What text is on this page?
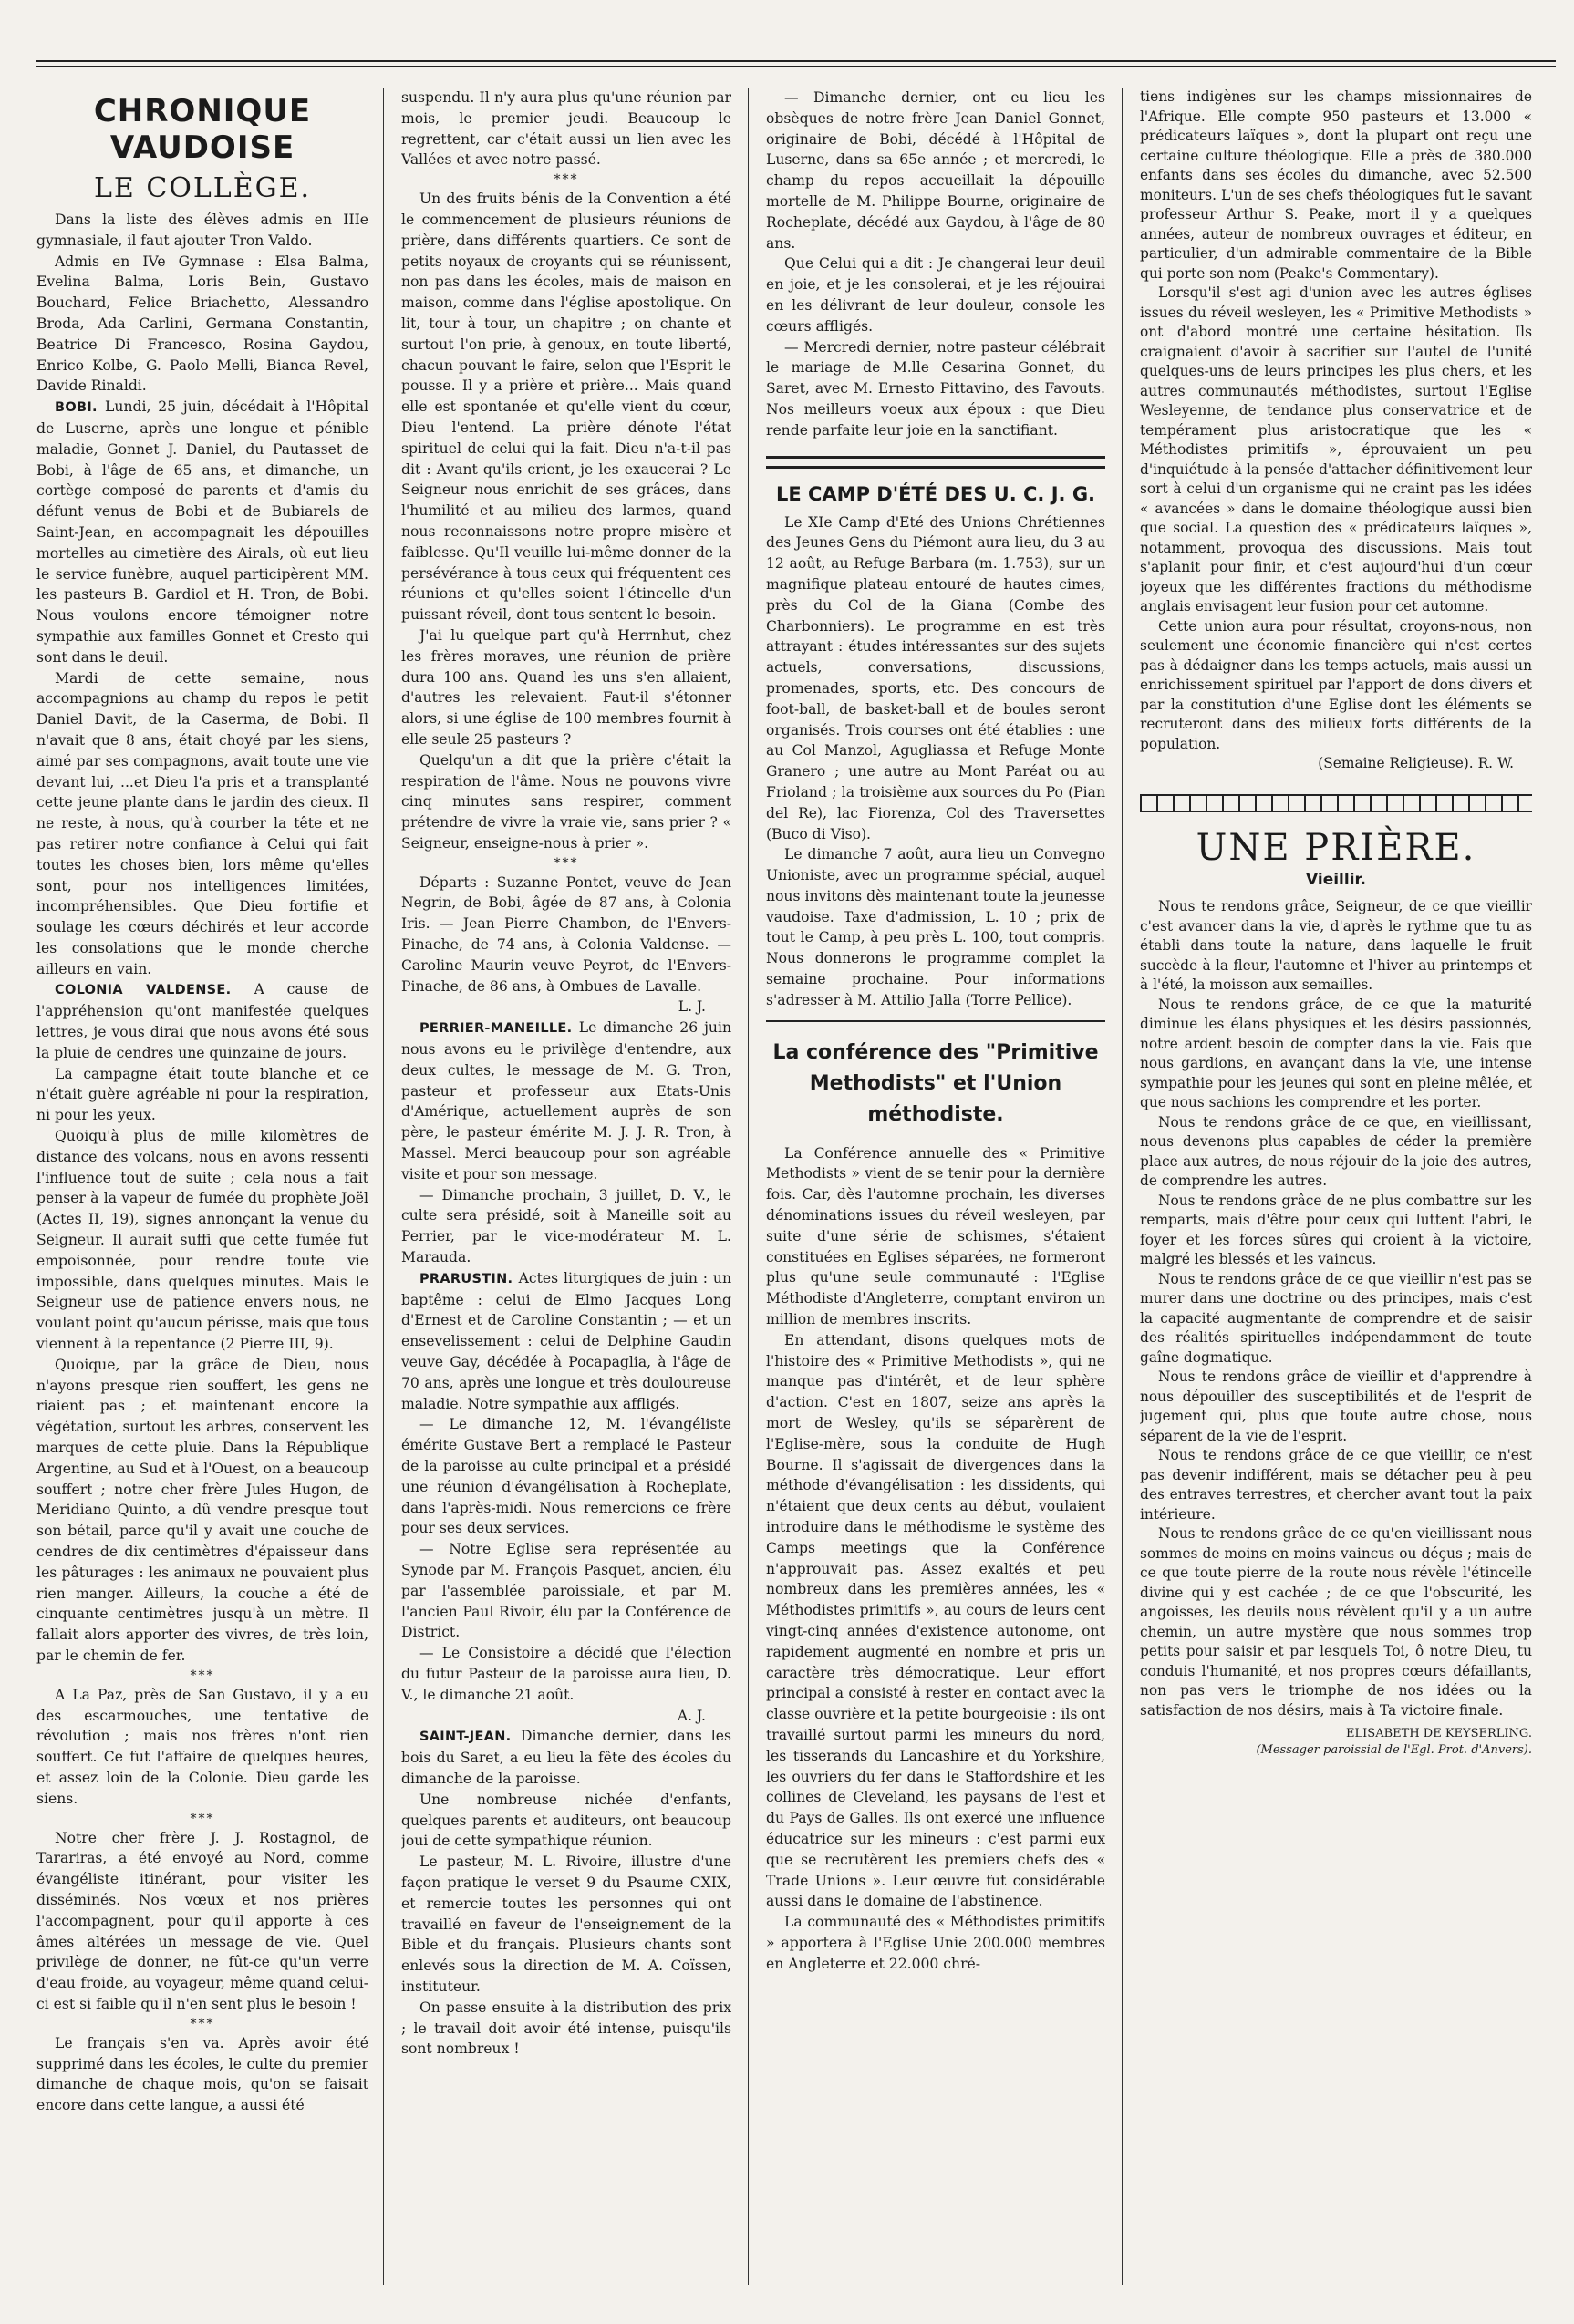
CHRONIQUE VAUDOISE
LE COLLÈGE.

Dans la liste des élèves admis en IIIe gymnasiale, il faut ajouter Tron Valdo.

Admis en IVe Gymnase : Elsa Balma, Evelina Balma, Loris Bein, Gustavo Bouchard, Felice Briachetto, Alessandro Broda, Ada Carlini, Germana Constantin, Beatrice Di Francesco, Rosina Gaydou, Enrico Kolbe, G. Paolo Melli, Bianca Revel, Davide Rinaldi.

BOBI. Lundi, 25 juin, décédait à l'Hôpital de Luserne, après une longue et pénible maladie, Gonnet J. Daniel, du Pautasset de Bobi, à l'âge de 65 ans, et dimanche, un cortège composé de parents et d'amis du défunt venus de Bobi et de Bubiarels de Saint-Jean, en accompagnait les dépouilles mortelles au cimetière des Airals, où eut lieu le service funèbre, auquel participèrent MM. les pasteurs B. Gardiol et H. Tron, de Bobi. Nous voulons encore témoigner notre sympathie aux familles Gonnet et Cresto qui sont dans le deuil.

Mardi de cette semaine, nous accompagnions au champ du repos le petit Daniel Davit, de la Caserma, de Bobi. Il n'avait que 8 ans, était choyé par les siens, aimé par ses compagnons, avait toute une vie devant lui, ...et Dieu l'a pris et a transplanté cette jeune plante dans le jardin des cieux. Il ne reste, à nous, qu'à courber la tête et ne pas retirer notre confiance à Celui qui fait toutes les choses bien, lors même qu'elles sont, pour nos intelligences limitées, incompréhensibles. Que Dieu fortifie et soulage les cœurs déchirés et leur accorde les consolations que le monde cherche ailleurs en vain.

COLONIA VALDENSE. A cause de l'appréhension qu'ont manifestée quelques lettres, je vous dirai que nous avons été sous la pluie de cendres une quinzaine de jours.

La campagne était toute blanche et ce n'était guère agréable ni pour la respiration, ni pour les yeux.

Quoiqu'à plus de mille kilomètres de distance des volcans, nous en avons ressenti l'influence tout de suite ; cela nous a fait penser à la vapeur de fumée du prophète Joël (Actes II, 19), signes annonçant la venue du Seigneur. Il aurait suffi que cette fumée fut empoisonnée, pour rendre toute vie impossible, dans quelques minutes. Mais le Seigneur use de patience envers nous, ne voulant point qu'aucun périsse, mais que tous viennent à la repentance (2 Pierre III, 9).

Quoique, par la grâce de Dieu, nous n'ayons presque rien souffert, les gens ne riaient pas ; et maintenant encore la végétation, surtout les arbres, conservent les marques de cette pluie. Dans la République Argentine, au Sud et à l'Ouest, on a beaucoup souffert ; notre cher frère Jules Hugon, de Meridiano Quinto, a dû vendre presque tout son bétail, parce qu'il y avait une couche de cendres de dix centimètres d'épaisseur dans les pâturages : les animaux ne pouvaient plus rien manger. Ailleurs, la couche a été de cinquante centimètres jusqu'à un mètre. Il fallait alors apporter des vivres, de très loin, par le chemin de fer.

***

A La Paz, près de San Gustavo, il y a eu des escarmouches, une tentative de révolution ; mais nos frères n'ont rien souffert. Ce fut l'affaire de quelques heures, et assez loin de la Colonie. Dieu garde les siens.

***

Notre cher frère J. J. Rostagnol, de Tarariras, a été envoyé au Nord, comme évangéliste itinérant, pour visiter les disséminés. Nos vœux et nos prières l'accompagnent, pour qu'il apporte à ces âmes altérées un message de vie. Quel privilège de donner, ne fût-ce qu'un verre d'eau froide, au voyageur, même quand celui-ci est si faible qu'il n'en sent plus le besoin !

***

Le français s'en va. Après avoir été supprimé dans les écoles, le culte du premier dimanche de chaque mois, qu'on se faisait encore dans cette langue, a aussi été

suspendu. Il n'y aura plus qu'une réunion par mois, le premier jeudi. Beaucoup le regrettent, car c'était aussi un lien avec les Vallées et avec notre passé.

***

Un des fruits bénis de la Convention a été le commencement de plusieurs réunions de prière, dans différents quartiers. Ce sont de petits noyaux de croyants qui se réunissent, non pas dans les écoles, mais de maison en maison, comme dans l'église apostolique. On lit, tour à tour, un chapitre ; on chante et surtout l'on prie, à genoux, en toute liberté, chacun pouvant le faire, selon que l'Esprit le pousse. Il y a prière et prière... Mais quand elle est spontanée et qu'elle vient du cœur, Dieu l'entend. La prière dénote l'état spirituel de celui qui la fait. Dieu n'a-t-il pas dit : Avant qu'ils crient, je les exaucerai ? Le Seigneur nous enrichit de ses grâces, dans l'humilité et au milieu des larmes, quand nous reconnaissons notre propre misère et faiblesse. Qu'Il veuille lui-même donner de la persévérance à tous ceux qui fréquentent ces réunions et qu'elles soient l'étincelle d'un puissant réveil, dont tous sentent le besoin.

J'ai lu quelque part qu'à Herrnhut, chez les frères moraves, une réunion de prière dura 100 ans. Quand les uns s'en allaient, d'autres les relevaient. Faut-il s'étonner alors, si une église de 100 membres fournit à elle seule 25 pasteurs ?

Quelqu'un a dit que la prière c'était la respiration de l'âme. Nous ne pouvons vivre cinq minutes sans respirer, comment prétendre de vivre la vraie vie, sans prier ? « Seigneur, enseigne-nous à prier ».

***

Départs : Suzanne Pontet, veuve de Jean Negrin, de Bobi, âgée de 87 ans, à Colonia Iris. — Jean Pierre Chambon, de l'Envers-Pinache, de 74 ans, à Colonia Valdense. — Caroline Maurin veuve Peyrot, de l'Envers-Pinache, de 86 ans, à Ombues de Lavalle.

L. J.

PERRIER-MANEILLE. Le dimanche 26 juin nous avons eu le privilège d'entendre, aux deux cultes, le message de M. G. Tron, pasteur et professeur aux Etats-Unis d'Amérique, actuellement auprès de son père, le pasteur émérite M. J. J. R. Tron, à Massel. Merci beaucoup pour son agréable visite et pour son message.

— Dimanche prochain, 3 juillet, D. V., le culte sera présidé, soit à Maneille soit au Perrier, par le vice-modérateur M. L. Marauda.

PRARUSTIN. Actes liturgiques de juin : un baptême : celui de Elmo Jacques Long d'Ernest et de Caroline Constantin ; — et un ensevelissement : celui de Delphine Gaudin veuve Gay, décédée à Pocapaglia, à l'âge de 70 ans, après une longue et très douloureuse maladie. Notre sympathie aux affligés.

— Le dimanche 12, M. l'évangéliste émérite Gustave Bert a remplacé le Pasteur de la paroisse au culte principal et a présidé une réunion d'évangélisation à Rocheplate, dans l'après-midi. Nous remercions ce frère pour ses deux services.

— Notre Eglise sera représentée au Synode par M. François Pasquet, ancien, élu par l'assemblée paroissiale, et par M. l'ancien Paul Rivoir, élu par la Conférence de District.

— Le Consistoire a décidé que l'élection du futur Pasteur de la paroisse aura lieu, D. V., le dimanche 21 août.

A. J.

SAINT-JEAN. Dimanche dernier, dans les bois du Saret, a eu lieu la fête des écoles du dimanche de la paroisse.

Une nombreuse nichée d'enfants, quelques parents et auditeurs, ont beaucoup joui de cette sympathique réunion.

Le pasteur, M. L. Rivoire, illustre d'une façon pratique le verset 9 du Psaume CXIX, et remercie toutes les personnes qui ont travaillé en faveur de l'enseignement de la Bible et du français. Plusieurs chants sont enlevés sous la direction de M. A. Coïssen, instituteur.

On passe ensuite à la distribution des prix ; le travail doit avoir été intense, puisqu'ils sont nombreux !

— Dimanche dernier, ont eu lieu les obsèques de notre frère Jean Daniel Gonnet, originaire de Bobi, décédé à l'Hôpital de Luserne, dans sa 65e année ; et mercredi, le champ du repos accueillait la dépouille mortelle de M. Philippe Bourne, originaire de Rocheplate, décédé aux Gaydou, à l'âge de 80 ans.

Que Celui qui a dit : Je changerai leur deuil en joie, et je les consolerai, et je les réjouirai en les délivrant de leur douleur, console les cœurs affligés.

— Mercredi dernier, notre pasteur célébrait le mariage de M.lle Cesarina Gonnet, du Saret, avec M. Ernesto Pittavino, des Favouts. Nos meilleurs voeux aux époux : que Dieu rende parfaite leur joie en la sanctifiant.

LE CAMP D'ÉTÉ DES U. C. J. G.

Le XIe Camp d'Eté des Unions Chrétiennes des Jeunes Gens du Piémont aura lieu, du 3 au 12 août, au Refuge Barbara (m. 1.753), sur un magnifique plateau entouré de hautes cimes, près du Col de la Giana (Combe des Charbonniers). Le programme en est très attrayant : études intéressantes sur des sujets actuels, conversations, discussions, promenades, sports, etc. Des concours de foot-ball, de basket-ball et de boules seront organisés. Trois courses ont été établies : une au Col Manzol, Agugliassa et Refuge Monte Granero ; une autre au Mont Paréat ou au Frioland ; la troisième aux sources du Po (Pian del Re), lac Fiorenza, Col des Traversettes (Buco di Viso).

Le dimanche 7 août, aura lieu un Convegno Unioniste, avec un programme spécial, auquel nous invitons dès maintenant toute la jeunesse vaudoise. Taxe d'admission, L. 10 ; prix de tout le Camp, à peu près L. 100, tout compris. Nous donnerons le programme complet la semaine prochaine. Pour informations s'adresser à M. Attilio Jalla (Torre Pellice).

La conférence des "Primitive Methodists" et l'Union méthodiste.

La Conférence annuelle des « Primitive Methodists » vient de se tenir pour la dernière fois. Car, dès l'automne prochain, les diverses dénominations issues du réveil wesleyen, par suite d'une série de schismes, s'étaient constituées en Eglises séparées, ne formeront plus qu'une seule communauté : l'Eglise Méthodiste d'Angleterre, comptant environ un million de membres inscrits.

En attendant, disons quelques mots de l'histoire des « Primitive Methodists », qui ne manque pas d'intérêt, et de leur sphère d'action. C'est en 1807, seize ans après la mort de Wesley, qu'ils se séparèrent de l'Eglise-mère, sous la conduite de Hugh Bourne. Il s'agissait de divergences dans la méthode d'évangélisation : les dissidents, qui n'étaient que deux cents au début, voulaient introduire dans le méthodisme le système des Camps meetings que la Conférence n'approuvait pas. Assez exaltés et peu nombreux dans les premières années, les « Méthodistes primitifs », au cours de leurs cent vingt-cinq années d'existence autonome, ont rapidement augmenté en nombre et pris un caractère très démocratique. Leur effort principal a consisté à rester en contact avec la classe ouvrière et la petite bourgeoisie : ils ont travaillé surtout parmi les mineurs du nord, les tisserands du Lancashire et du Yorkshire, les ouvriers du fer dans le Staffordshire et les collines de Cleveland, les paysans de l'est et du Pays de Galles. Ils ont exercé une influence éducatrice sur les mineurs : c'est parmi eux que se recrutèrent les premiers chefs des « Trade Unions ». Leur œuvre fut considérable aussi dans le domaine de l'abstinence.

La communauté des « Méthodistes primitifs » apportera à l'Eglise Unie 200.000 membres en Angleterre et 22.000 chré-

tiens indigènes sur les champs missionnaires de l'Afrique. Elle compte 950 pasteurs et 13.000 « prédicateurs laïques », dont la plupart ont reçu une certaine culture théologique. Elle a près de 380.000 enfants dans ses écoles du dimanche, avec 52.500 moniteurs. L'un de ses chefs théologiques fut le savant professeur Arthur S. Peake, mort il y a quelques années, auteur de nombreux ouvrages et éditeur, en particulier, d'un admirable commentaire de la Bible qui porte son nom (Peake's Commentary).

Lorsqu'il s'est agi d'union avec les autres églises issues du réveil wesleyen, les « Primitive Methodists » ont d'abord montré une certaine hésitation. Ils craignaient d'avoir à sacrifier sur l'autel de l'unité quelques-uns de leurs principes les plus chers, et les autres communautés méthodistes, surtout l'Eglise Wesleyenne, de tendance plus conservatrice et de tempérament plus aristocratique que les « Méthodistes primitifs », éprouvaient un peu d'inquiétude à la pensée d'attacher définitivement leur sort à celui d'un organisme qui ne craint pas les idées « avancées » dans le domaine théologique aussi bien que social. La question des « prédicateurs laïques », notamment, provoqua des discussions. Mais tout s'aplanit pour finir, et c'est aujourd'hui d'un cœur joyeux que les différentes fractions du méthodisme anglais envisagent leur fusion pour cet automne.

Cette union aura pour résultat, croyons-nous, non seulement une économie financière qui n'est certes pas à dédaigner dans les temps actuels, mais aussi un enrichissement spirituel par l'apport de dons divers et par la constitution d'une Eglise dont les éléments se recruteront dans des milieux forts différents de la population.

(Semaine Religieuse). R. W.

UNE PRIÈRE.
Vieillir.

Nous te rendons grâce, Seigneur, de ce que vieillir c'est avancer dans la vie, d'après le rythme que tu as établi dans toute la nature, dans laquelle le fruit succède à la fleur, l'automne et l'hiver au printemps et à l'été, la moisson aux semailles.

Nous te rendons grâce, de ce que la maturité diminue les élans physiques et les désirs passionnés, notre ardent besoin de compter dans la vie. Fais que nous gardions, en avançant dans la vie, une intense sympathie pour les jeunes qui sont en pleine mêlée, et que nous sachions les comprendre et les porter.

Nous te rendons grâce de ce que, en vieillissant, nous devenons plus capables de céder la première place aux autres, de nous réjouir de la joie des autres, de comprendre les autres.

Nous te rendons grâce de ne plus combattre sur les remparts, mais d'être pour ceux qui luttent l'abri, le foyer et les forces sûres qui croient à la victoire, malgré les blessés et les vaincus.

Nous te rendons grâce de ce que vieillir n'est pas se murer dans une doctrine ou des principes, mais c'est la capacité augmentante de comprendre et de saisir des réalités spirituelles indépendamment de toute gaîne dogmatique.

Nous te rendons grâce de vieillir et d'apprendre à nous dépouiller des susceptibilités et de l'esprit de jugement qui, plus que toute autre chose, nous séparent de la vie de l'esprit.

Nous te rendons grâce de ce que vieillir, ce n'est pas devenir indifférent, mais se détacher peu à peu des entraves terrestres, et chercher avant tout la paix intérieure.

Nous te rendons grâce de ce qu'en vieillissant nous sommes de moins en moins vaincus ou déçus ; mais de ce que toute pierre de la route nous révèle l'étincelle divine qui y est cachée ; de ce que l'obscurité, les angoisses, les deuils nous révèlent qu'il y a un autre chemin, un autre mystère que nous sommes trop petits pour saisir et par lesquels Toi, ô notre Dieu, tu conduis l'humanité, et nos propres cœurs défaillants, non pas vers le triomphe de nos idées ou la satisfaction de nos désirs, mais à Ta victoire finale.

ELISABETH DE KEYSERLING.

(Messager paroissial de l'Egl. Prot. d'Anvers).
